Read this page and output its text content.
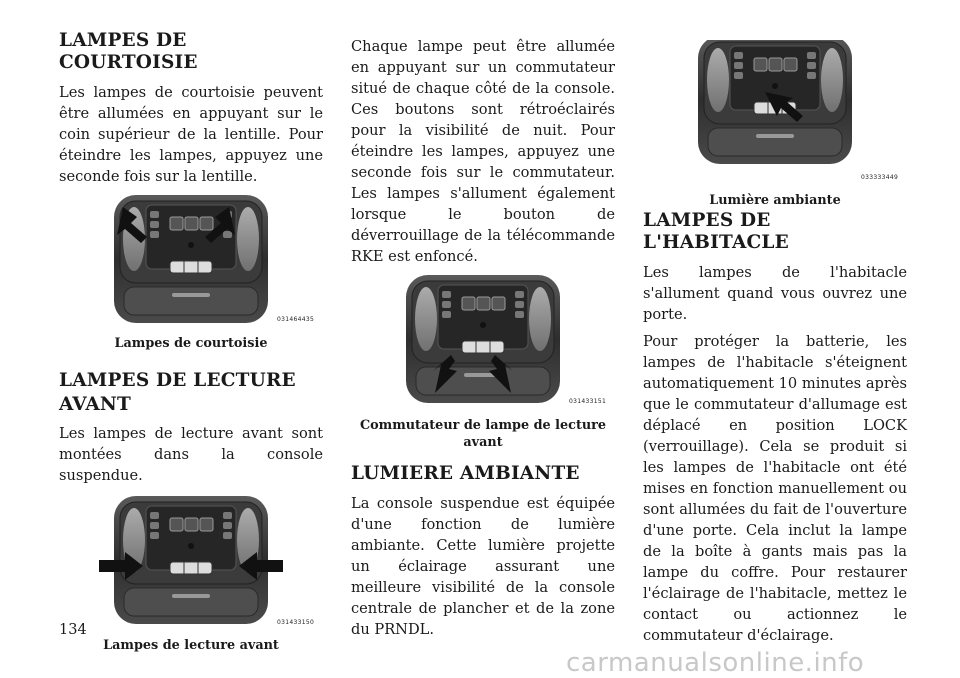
LAMPES DE COURTOISIE

Les lampes de courtoisie peuvent être allumées en appuyant sur le coin supérieur de la lentille. Pour éteindre les lampes, appuyez une seconde fois sur la lentille.

031464435
Lampes de courtoisie
LAMPES DE LECTURE
AVANT

Les lampes de lecture avant sont montées dans la console suspendue.

031433150
Lampes de lecture avant

Chaque lampe peut être allumée en appuyant sur un commutateur situé de chaque côté de la console. Ces boutons sont rétroéclairés pour la visibilité de nuit. Pour éteindre les lampes, appuyez une seconde fois sur le commutateur. Les lampes s'allument également lorsque le bouton de déverrouillage de la télécommande RKE est enfoncé.

031433151
Commutateur de lampe de lecture
avant
LUMIERE AMBIANTE

La console suspendue est équipée d'une fonction de lumière ambiante. Cette lumière projette un éclairage assurant une meilleure visibilité de la console centrale de plancher et de la zone du PRNDL.

033333449
Lumière ambiante
LAMPES DE L'HABITACLE

Les lampes de l'habitacle s'allument quand vous ouvrez une porte.

Pour protéger la batterie, les lampes de l'habitacle s'éteignent automatiquement 10 minutes après que le commutateur d'allumage est déplacé en position LOCK (verrouillage). Cela se produit si les lampes de l'habitacle ont été mises en fonction manuellement ou sont allumées du fait de l'ouverture d'une porte. Cela inclut la lampe de la boîte à gants mais pas la lampe du coffre. Pour restaurer l'éclairage de l'habitacle, mettez le contact ou actionnez le commutateur d'éclairage.

134
carmanualsonline.info
